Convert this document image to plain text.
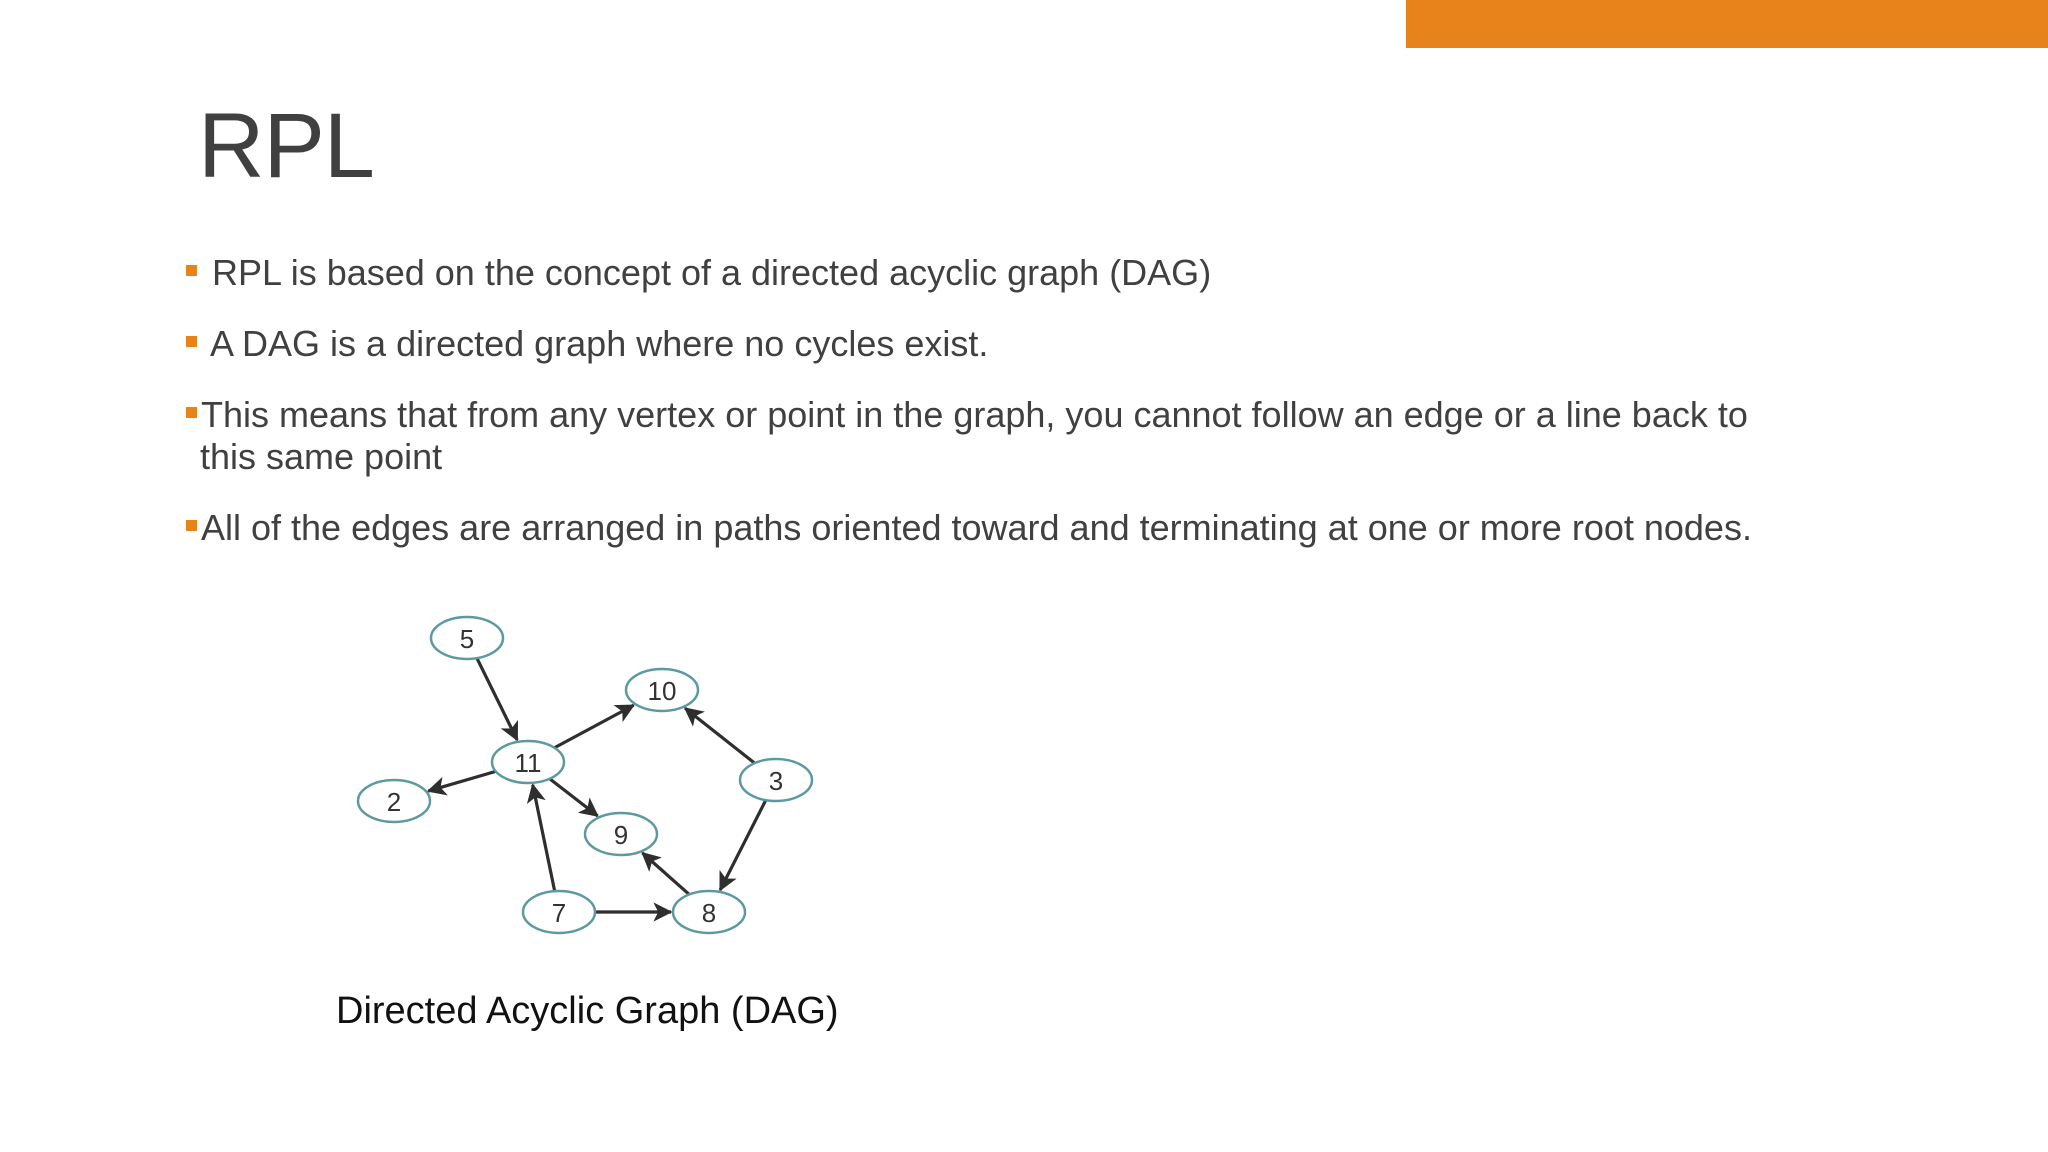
RPL
RPL is based on the concept of a directed acyclic graph (DAG)
A DAG is a directed graph where no cycles exist.
This means that from any vertex or point in the graph, you cannot follow an edge or a line back to
this same point
All of the edges are arranged in paths oriented toward and terminating at one or more root nodes.
5
10
11
2
3
9
7	8
Directed Acyclic Graph (DAG)
